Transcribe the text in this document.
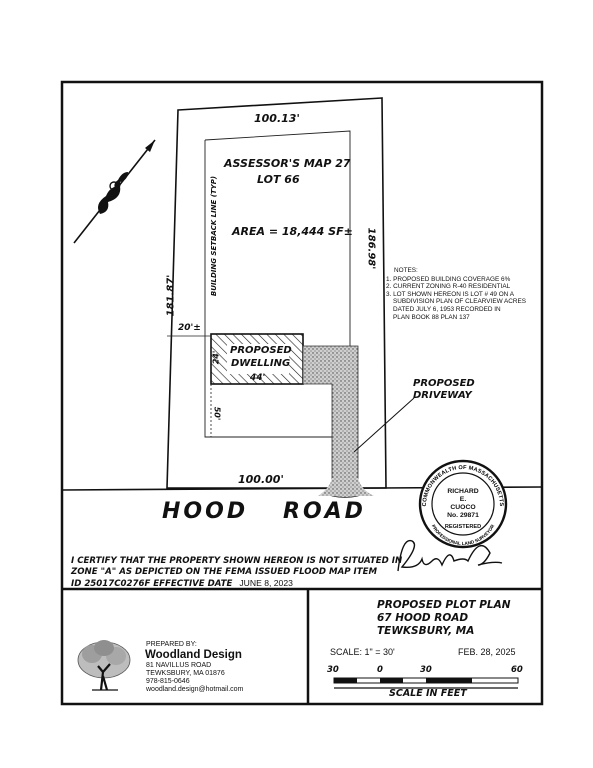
100.13'
ASSESSOR'S MAP 27
LOT 66
AREA = 18,444 SF±
BUILDING SETBACK LINE (TYP)
181.87'
186.98'
20'±
24'
PROPOSED
DWELLING
44'
50'
PROPOSED
DRIVEWAY
100.00'
HOOD ROAD
NOTES:
1. PROPOSED BUILDING COVERAGE 6%
2. CURRENT ZONING R-40 RESIDENTIAL
3. LOT SHOWN HEREON IS LOT # 49 ON A
SUBDIVISION PLAN OF CLEARVIEW ACRES
DATED JULY 6, 1953 RECORDED IN
PLAN BOOK 88 PLAN 137
COMMONWEALTH OF MASSACHUSETTS
PROFESSIONAL LAND SURVEYOR
RICHARD
E.
CUOCO
No. 29871
REGISTERED
I CERTIFY THAT THE PROPERTY SHOWN HEREON IS NOT SITUATED IN
ZONE "A" AS DEPICTED ON THE FEMA ISSUED FLOOD MAP ITEM
ID 25017C0276F EFFECTIVE DATE JUNE 8, 2023
PREPARED BY:
Woodland Design
81 NAVILLUS ROAD
TEWKSBURY, MA 01876
978-815-0646
woodland.design@hotmail.com
PROPOSED PLOT PLAN
67 HOOD ROAD
TEWKSBURY, MA
SCALE: 1" = 30'	FEB. 28, 2025
30	0	30	60
SCALE IN FEET
